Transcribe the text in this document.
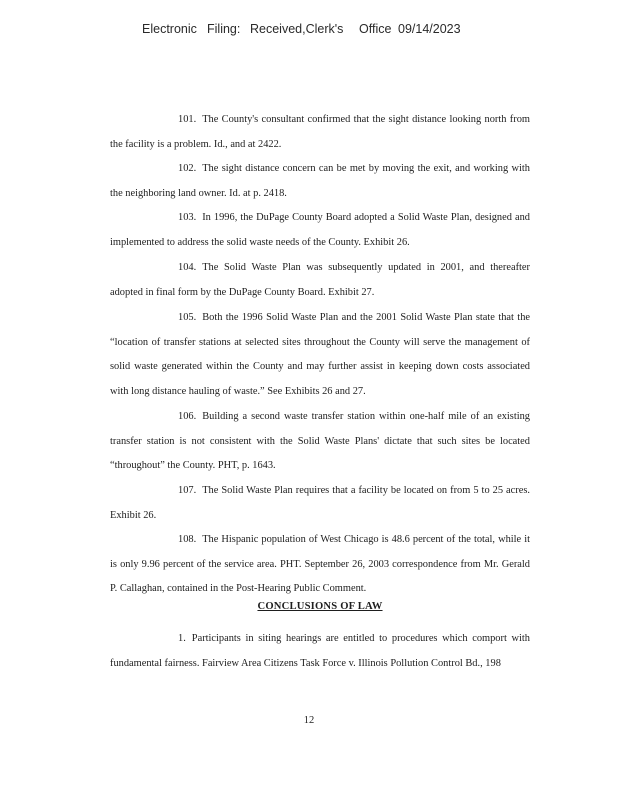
Electronic Filing: Received,Clerk's Office 09/14/2023
101. The County's consultant confirmed that the sight distance looking north from the facility is a problem. Id., and at 2422.
102. The sight distance concern can be met by moving the exit, and working with the neighboring land owner. Id. at p. 2418.
103. In 1996, the DuPage County Board adopted a Solid Waste Plan, designed and implemented to address the solid waste needs of the County. Exhibit 26.
104. The Solid Waste Plan was subsequently updated in 2001, and thereafter adopted in final form by the DuPage County Board. Exhibit 27.
105. Both the 1996 Solid Waste Plan and the 2001 Solid Waste Plan state that the “location of transfer stations at selected sites throughout the County will serve the management of solid waste generated within the County and may further assist in keeping down costs associated with long distance hauling of waste.” See Exhibits 26 and 27.
106. Building a second waste transfer station within one-half mile of an existing transfer station is not consistent with the Solid Waste Plans' dictate that such sites be located “throughout” the County. PHT, p. 1643.
107. The Solid Waste Plan requires that a facility be located on from 5 to 25 acres. Exhibit 26.
108. The Hispanic population of West Chicago is 48.6 percent of the total, while it is only 9.96 percent of the service area. PHT. September 26, 2003 correspondence from Mr. Gerald P. Callaghan, contained in the Post-Hearing Public Comment.
CONCLUSIONS OF LAW
1. Participants in siting hearings are entitled to procedures which comport with fundamental fairness. Fairview Area Citizens Task Force v. Illinois Pollution Control Bd., 198
12
